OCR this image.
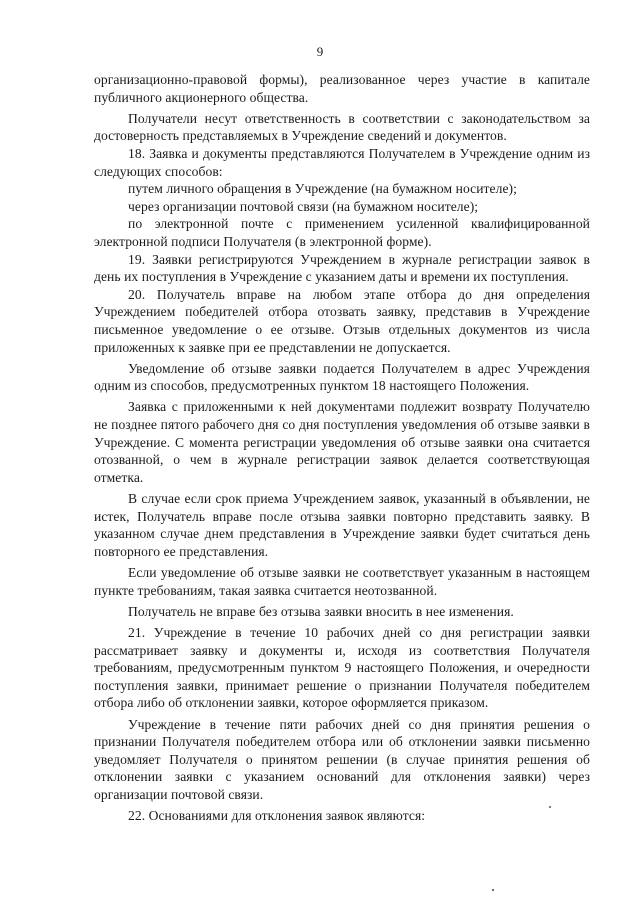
9

организационно-правовой формы), реализованное через участие в капитале публичного акционерного общества.

Получатели несут ответственность в соответствии с законодательством за достоверность представляемых в Учреждение сведений и документов.

18. Заявка и документы представляются Получателем в Учреждение одним из следующих способов:

путем личного обращения в Учреждение (на бумажном носителе);

через организации почтовой связи (на бумажном носителе);

по электронной почте с применением усиленной квалифицированной электронной подписи Получателя (в электронной форме).

19. Заявки регистрируются Учреждением в журнале регистрации заявок в день их поступления в Учреждение с указанием даты и времени их поступления.

20. Получатель вправе на любом этапе отбора до дня определения Учреждением победителей отбора отозвать заявку, представив в Учреждение письменное уведомление о ее отзыве. Отзыв отдельных документов из числа приложенных к заявке при ее представлении не допускается.

Уведомление об отзыве заявки подается Получателем в адрес Учреждения одним из способов, предусмотренных пунктом 18 настоящего Положения.

Заявка с приложенными к ней документами подлежит возврату Получателю не позднее пятого рабочего дня со дня поступления уведомления об отзыве заявки в Учреждение. С момента регистрации уведомления об отзыве заявки она считается отозванной, о чем в журнале регистрации заявок делается соответствующая отметка.

В случае если срок приема Учреждением заявок, указанный в объявлении, не истек, Получатель вправе после отзыва заявки повторно представить заявку. В указанном случае днем представления в Учреждение заявки будет считаться день повторного ее представления.

Если уведомление об отзыве заявки не соответствует указанным в настоящем пункте требованиям, такая заявка считается неотозванной.

Получатель не вправе без отзыва заявки вносить в нее изменения.

21. Учреждение в течение 10 рабочих дней со дня регистрации заявки рассматривает заявку и документы и, исходя из соответствия Получателя требованиям, предусмотренным пунктом 9 настоящего Положения, и очередности поступления заявки, принимает решение о признании Получателя победителем отбора либо об отклонении заявки, которое оформляется приказом.

Учреждение в течение пяти рабочих дней со дня принятия решения о признании Получателя победителем отбора или об отклонении заявки письменно уведомляет Получателя о принятом решении (в случае принятия решения об отклонении заявки с указанием оснований для отклонения заявки) через организации почтовой связи.

22. Основаниями для отклонения заявок являются:
